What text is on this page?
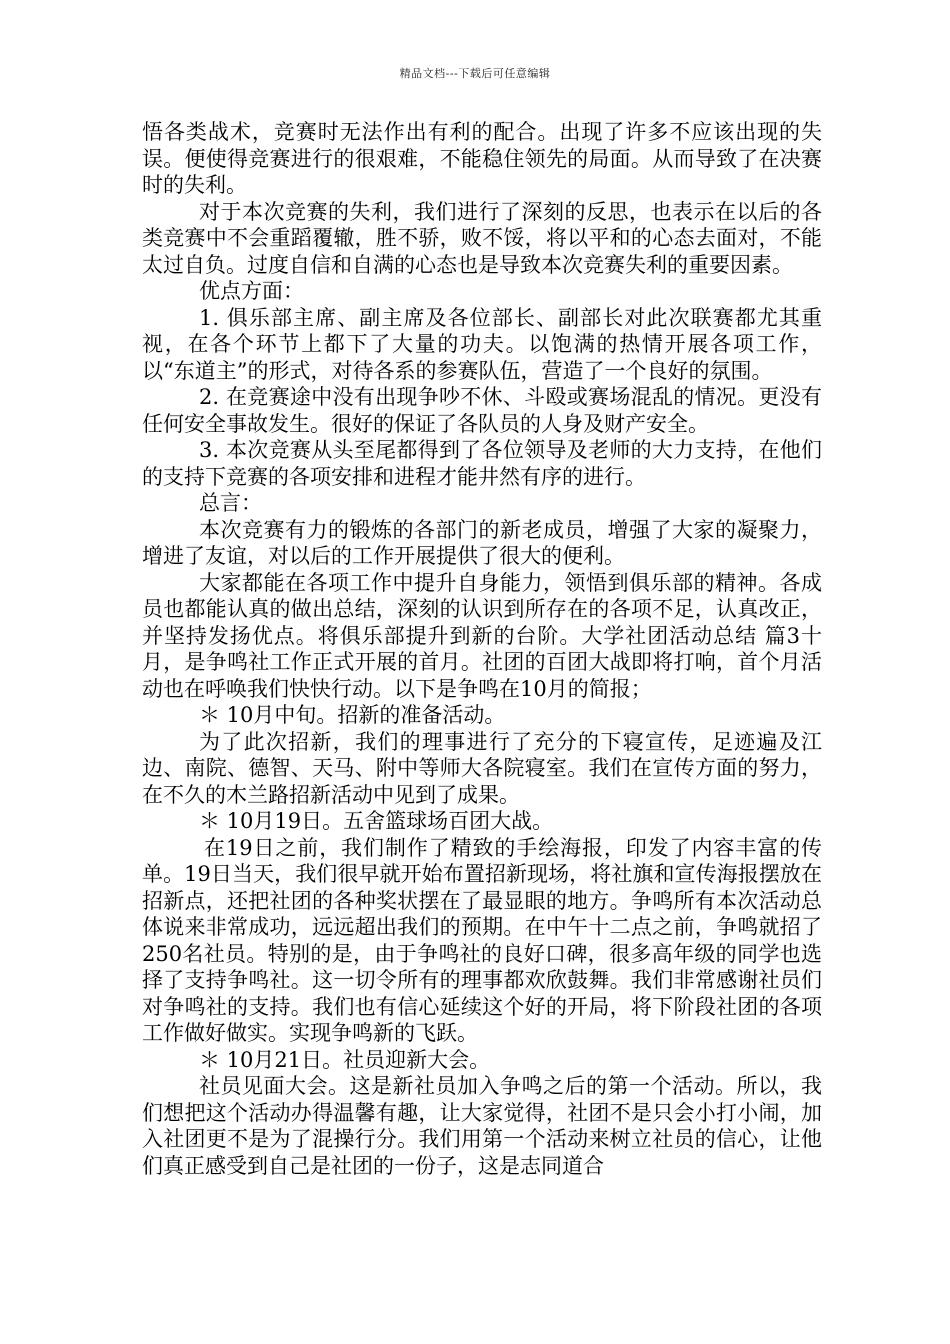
精品文档---下载后可任意编辑

悟各类战术，竞赛时无法作出有利的配合。出现了许多不应该出现的失误。便使得竞赛进行的很艰难，不能稳住领先的局面。从而导致了在决赛时的失利。

对于本次竞赛的失利，我们进行了深刻的反思，也表示在以后的各类竞赛中不会重蹈覆辙，胜不骄，败不馁，将以平和的心态去面对，不能太过自负。过度自信和自满的心态也是导致本次竞赛失利的重要因素。

优点方面：

1. 俱乐部主席、副主席及各位部长、副部长对此次联赛都尤其重视，在各个环节上都下了大量的功夫。以饱满的热情开展各项工作，以“东道主”的形式，对待各系的参赛队伍，营造了一个良好的氛围。

2. 在竞赛途中没有出现争吵不休、斗殴或赛场混乱的情况。更没有任何安全事故发生。很好的保证了各队员的人身及财产安全。

3. 本次竞赛从头至尾都得到了各位领导及老师的大力支持，在他们的支持下竞赛的各项安排和进程才能井然有序的进行。

总言：

本次竞赛有力的锻炼的各部门的新老成员，增强了大家的凝聚力，增进了友谊，对以后的工作开展提供了很大的便利。

大家都能在各项工作中提升自身能力，领悟到俱乐部的精神。各成员也都能认真的做出总结，深刻的认识到所存在的各项不足，认真改正，并坚持发扬优点。将俱乐部提升到新的台阶。大学社团活动总结 篇3十月，是争鸣社工作正式开展的首月。社团的百团大战即将打响，首个月活动也在呼唤我们快快行动。以下是争鸣在10月的简报；

＊ 10月中旬。招新的准备活动。

为了此次招新，我们的理事进行了充分的下寝宣传，足迹遍及江边、南院、德智、天马、附中等师大各院寝室。我们在宣传方面的努力，在不久的木兰路招新活动中见到了成果。

＊ 10月19日。五舍篮球场百团大战。

在19日之前，我们制作了精致的手绘海报，印发了内容丰富的传单。19日当天，我们很早就开始布置招新现场，将社旗和宣传海报摆放在招新点，还把社团的各种奖状摆在了最显眼的地方。争鸣所有本次活动总体说来非常成功，远远超出我们的预期。在中午十二点之前，争鸣就招了250名社员。特别的是，由于争鸣社的良好口碑，很多高年级的同学也选择了支持争鸣社。这一切令所有的理事都欢欣鼓舞。我们非常感谢社员们对争鸣社的支持。我们也有信心延续这个好的开局，将下阶段社团的各项工作做好做实。实现争鸣新的飞跃。

＊ 10月21日。社员迎新大会。

社员见面大会。这是新社员加入争鸣之后的第一个活动。所以，我们想把这个活动办得温馨有趣，让大家觉得，社团不是只会小打小闹，加入社团更不是为了混操行分。我们用第一个活动来树立社员的信心，让他们真正感受到自己是社团的一份子，这是志同道合
